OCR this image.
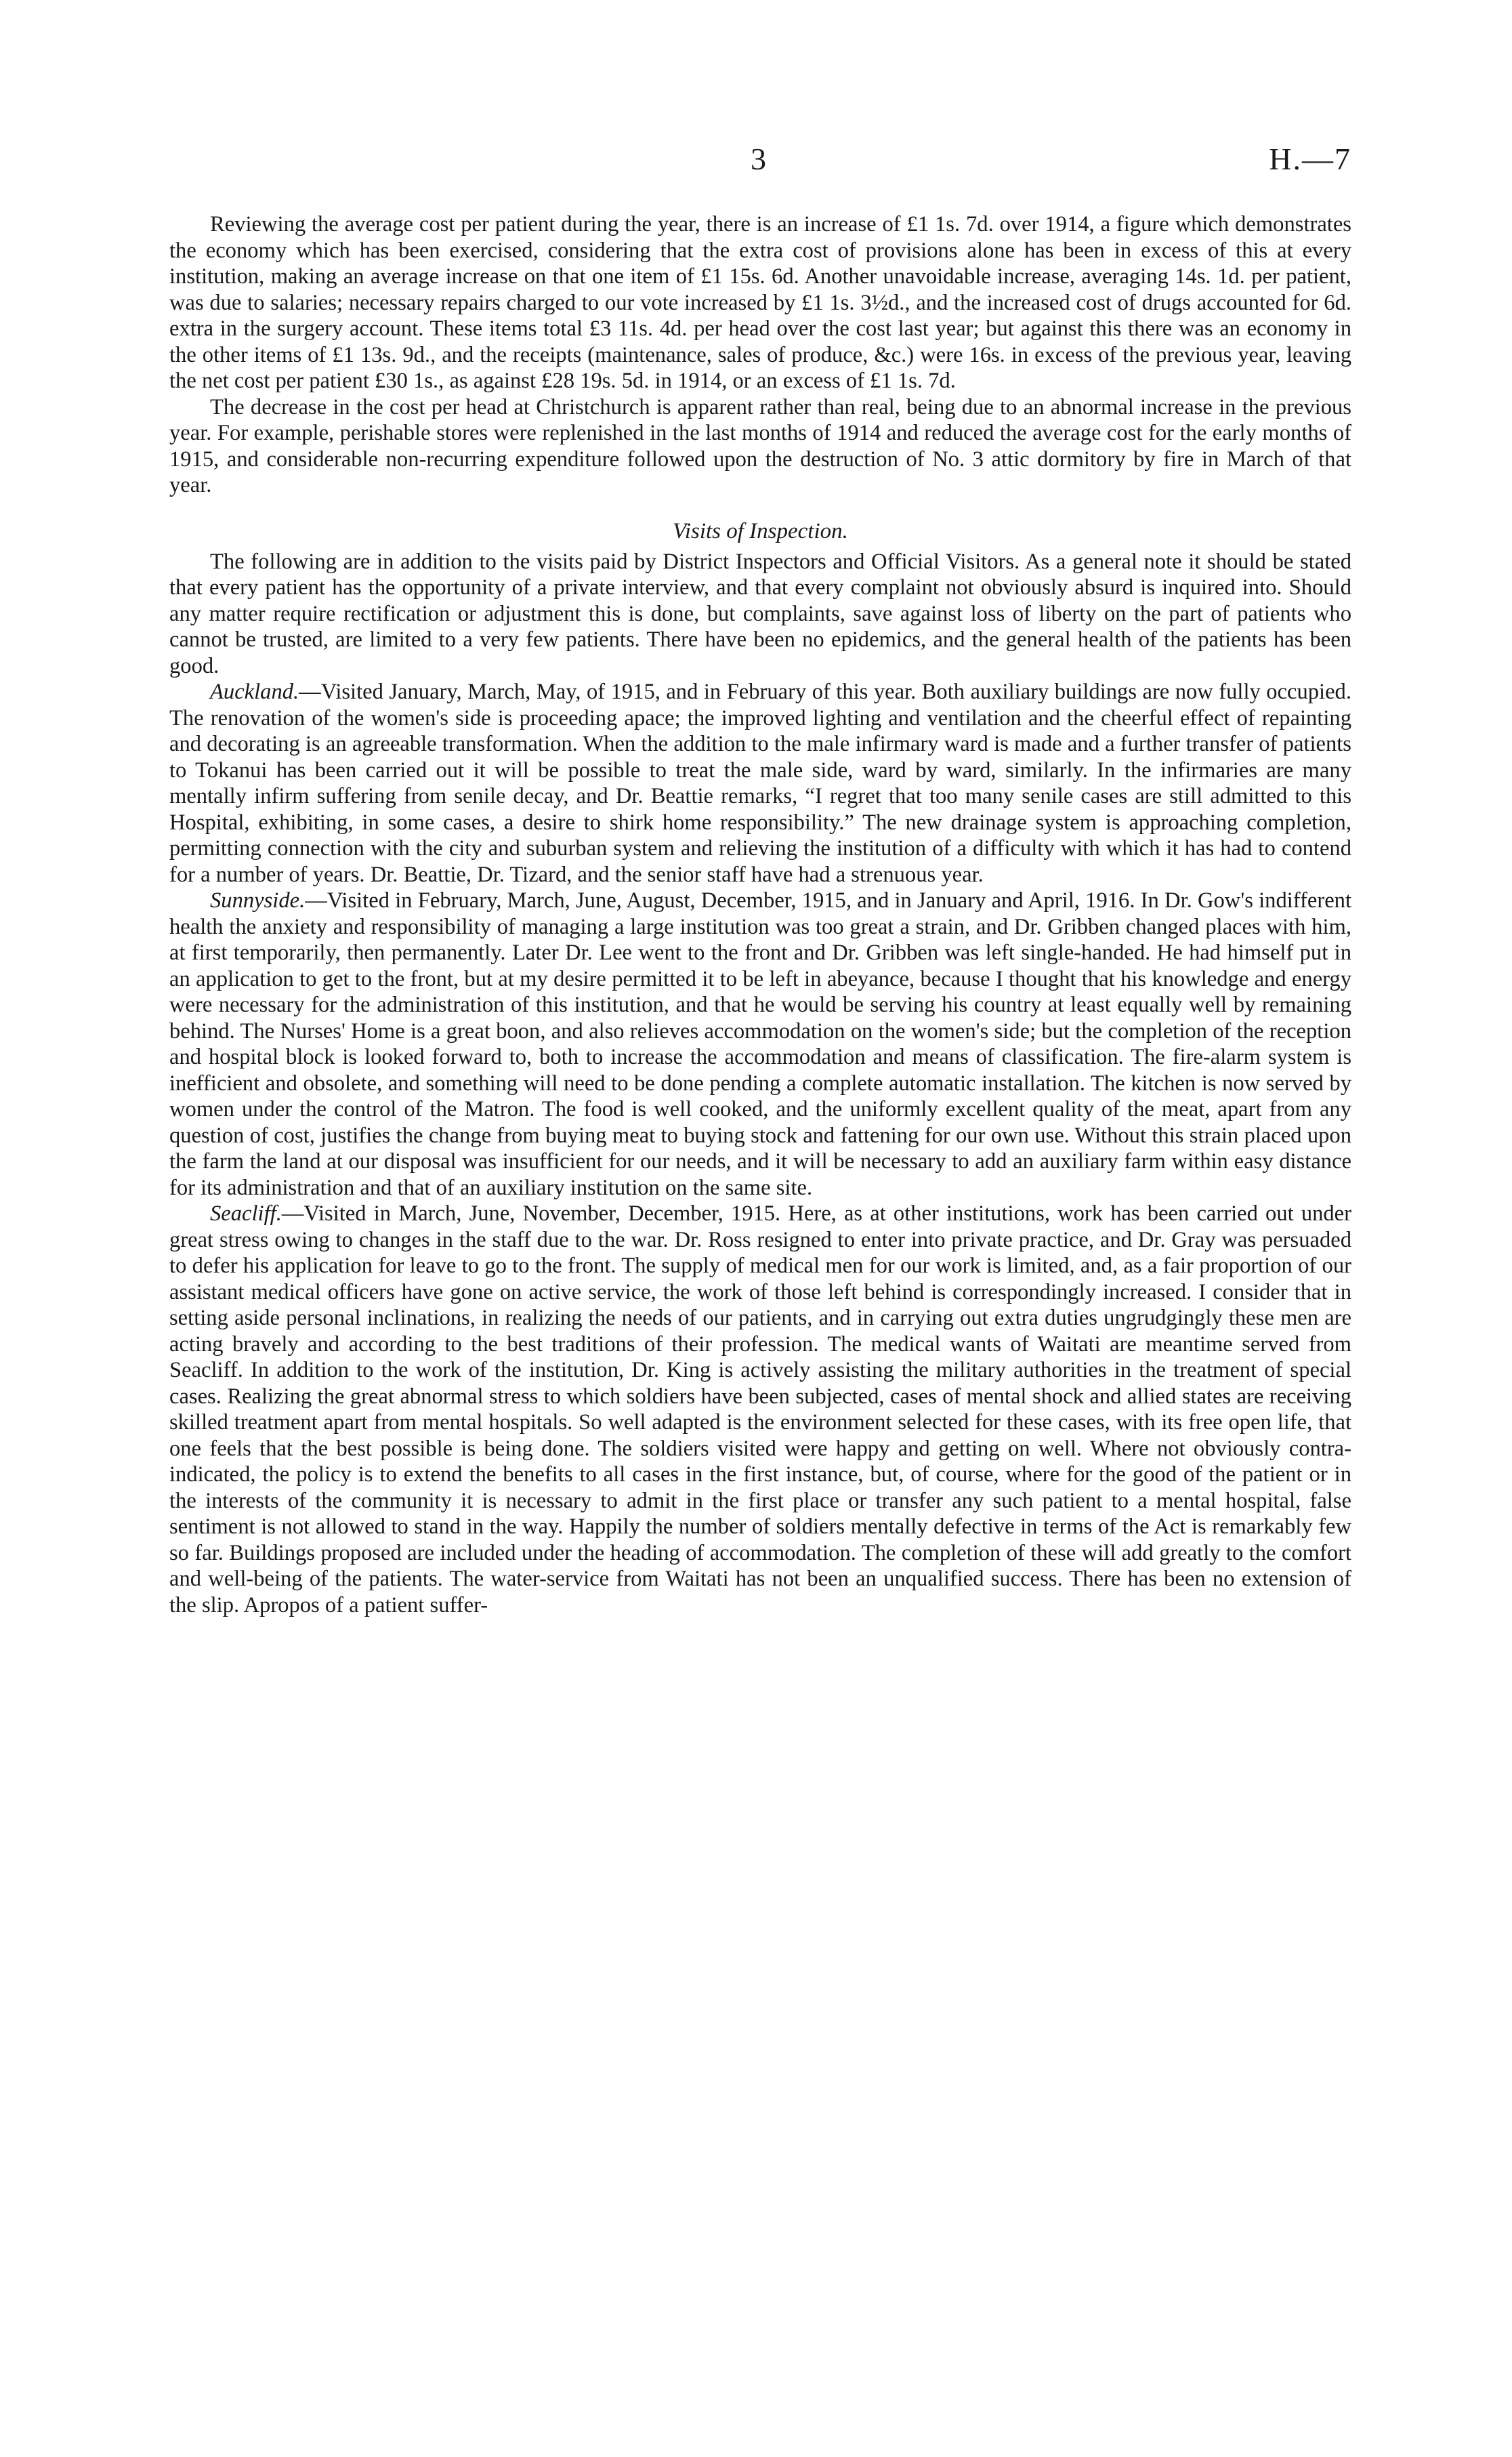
3	H.—7

Reviewing the average cost per patient during the year, there is an increase of £1 1s. 7d. over 1914, a figure which demonstrates the economy which has been exercised, considering that the extra cost of provisions alone has been in excess of this at every institution, making an average increase on that one item of £1 15s. 6d. Another unavoidable increase, averaging 14s. 1d. per patient, was due to salaries; necessary repairs charged to our vote increased by £1 1s. 3½d., and the increased cost of drugs accounted for 6d. extra in the surgery account. These items total £3 11s. 4d. per head over the cost last year; but against this there was an economy in the other items of £1 13s. 9d., and the receipts (maintenance, sales of produce, &c.) were 16s. in excess of the previous year, leaving the net cost per patient £30 1s., as against £28 19s. 5d. in 1914, or an excess of £1 1s. 7d.

The decrease in the cost per head at Christchurch is apparent rather than real, being due to an abnormal increase in the previous year. For example, perishable stores were replenished in the last months of 1914 and reduced the average cost for the early months of 1915, and considerable non-recurring expenditure followed upon the destruction of No. 3 attic dormitory by fire in March of that year.

Visits of Inspection.

The following are in addition to the visits paid by District Inspectors and Official Visitors. As a general note it should be stated that every patient has the opportunity of a private interview, and that every complaint not obviously absurd is inquired into. Should any matter require rectification or adjustment this is done, but complaints, save against loss of liberty on the part of patients who cannot be trusted, are limited to a very few patients. There have been no epidemics, and the general health of the patients has been good.

Auckland.—Visited January, March, May, of 1915, and in February of this year. Both auxiliary buildings are now fully occupied. The renovation of the women's side is proceeding apace; the improved lighting and ventilation and the cheerful effect of repainting and decorating is an agreeable transformation. When the addition to the male infirmary ward is made and a further transfer of patients to Tokanui has been carried out it will be possible to treat the male side, ward by ward, similarly. In the infirmaries are many mentally infirm suffering from senile decay, and Dr. Beattie remarks, “I regret that too many senile cases are still admitted to this Hospital, exhibiting, in some cases, a desire to shirk home responsibility.” The new drainage system is approaching completion, permitting connection with the city and suburban system and relieving the institution of a difficulty with which it has had to contend for a number of years. Dr. Beattie, Dr. Tizard, and the senior staff have had a strenuous year.

Sunnyside.—Visited in February, March, June, August, December, 1915, and in January and April, 1916. In Dr. Gow's indifferent health the anxiety and responsibility of managing a large institution was too great a strain, and Dr. Gribben changed places with him, at first temporarily, then permanently. Later Dr. Lee went to the front and Dr. Gribben was left single-handed. He had himself put in an application to get to the front, but at my desire permitted it to be left in abeyance, because I thought that his knowledge and energy were necessary for the administration of this institution, and that he would be serving his country at least equally well by remaining behind. The Nurses' Home is a great boon, and also relieves accommodation on the women's side; but the completion of the reception and hospital block is looked forward to, both to increase the accommodation and means of classification. The fire-alarm system is inefficient and obsolete, and something will need to be done pending a complete automatic installation. The kitchen is now served by women under the control of the Matron. The food is well cooked, and the uniformly excellent quality of the meat, apart from any question of cost, justifies the change from buying meat to buying stock and fattening for our own use. Without this strain placed upon the farm the land at our disposal was insufficient for our needs, and it will be necessary to add an auxiliary farm within easy distance for its administration and that of an auxiliary institution on the same site.

Seacliff.—Visited in March, June, November, December, 1915. Here, as at other institutions, work has been carried out under great stress owing to changes in the staff due to the war. Dr. Ross resigned to enter into private practice, and Dr. Gray was persuaded to defer his application for leave to go to the front. The supply of medical men for our work is limited, and, as a fair proportion of our assistant medical officers have gone on active service, the work of those left behind is correspondingly increased. I consider that in setting aside personal inclinations, in realizing the needs of our patients, and in carrying out extra duties ungrudgingly these men are acting bravely and according to the best traditions of their profession. The medical wants of Waitati are meantime served from Seacliff. In addition to the work of the institution, Dr. King is actively assisting the military authorities in the treatment of special cases. Realizing the great abnormal stress to which soldiers have been subjected, cases of mental shock and allied states are receiving skilled treatment apart from mental hospitals. So well adapted is the environment selected for these cases, with its free open life, that one feels that the best possible is being done. The soldiers visited were happy and getting on well. Where not obviously contra-indicated, the policy is to extend the benefits to all cases in the first instance, but, of course, where for the good of the patient or in the interests of the community it is necessary to admit in the first place or transfer any such patient to a mental hospital, false sentiment is not allowed to stand in the way. Happily the number of soldiers mentally defective in terms of the Act is remarkably few so far. Buildings proposed are included under the heading of accommodation. The completion of these will add greatly to the comfort and well-being of the patients. The water-service from Waitati has not been an unqualified success. There has been no extension of the slip. Apropos of a patient suffer-
